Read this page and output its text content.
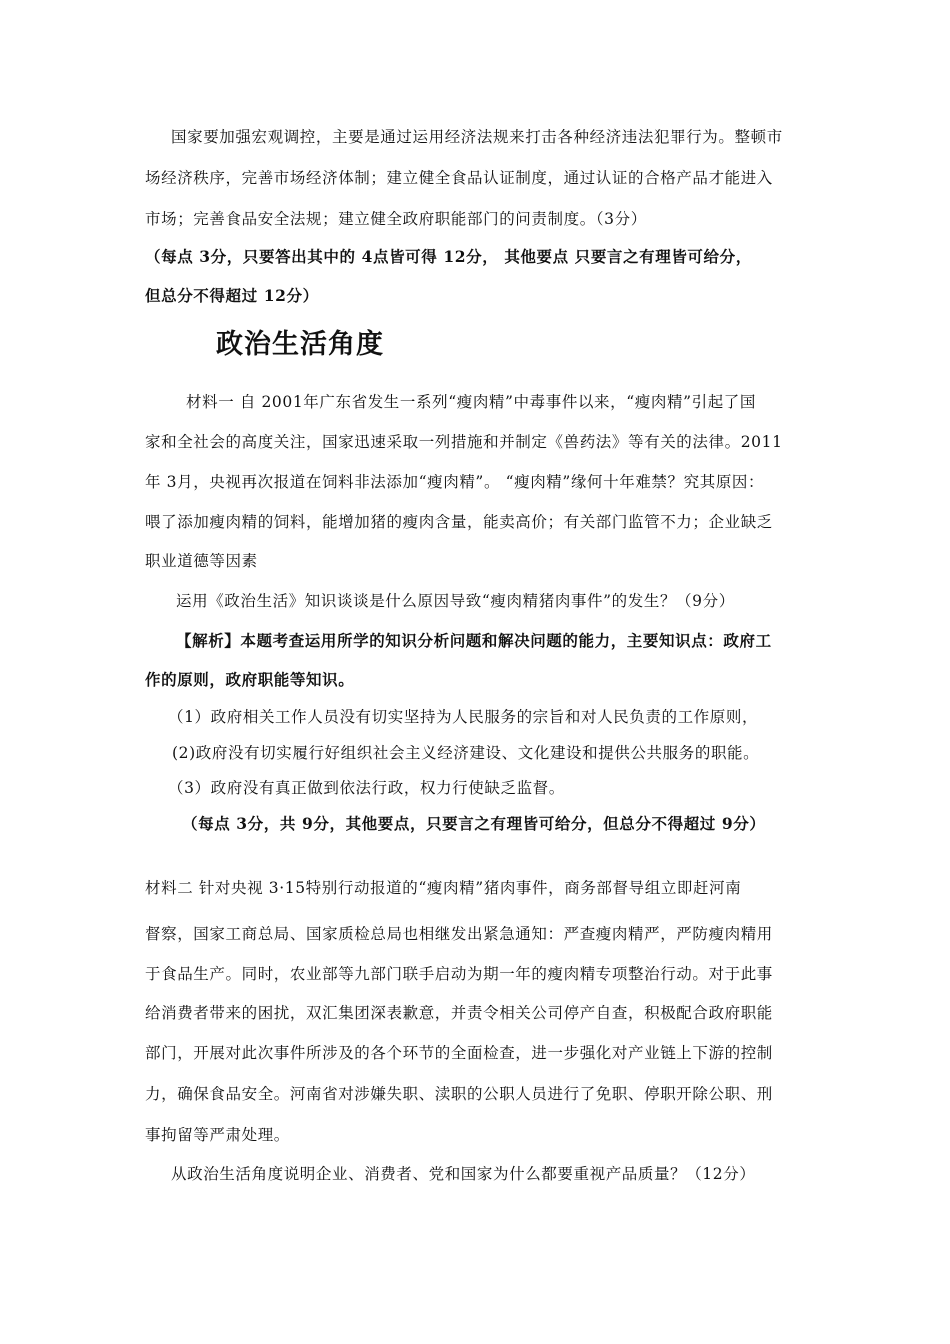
国家要加强宏观调控，主要是通过运用经济法规来打击各种经济违法犯罪行为。整顿市
场经济秩序，完善市场经济体制；建立健全食品认证制度，通过认证的合格产品才能进入
市场；完善食品安全法规；建立健全政府职能部门的问责制度。（3分）
（每点 3分，只要答出其中的 4点皆可得 12分， 其他要点 只要言之有理皆可给分，
但总分不得超过 12分）
政治生活角度
材料一 自 2001年广东省发生一系列“瘦肉精”中毒事件以来，“瘦肉精”引起了国
家和全社会的高度关注，国家迅速采取一列措施和并制定《兽药法》等有关的法律。2011
年 3月，央视再次报道在饲料非法添加“瘦肉精”。 “瘦肉精”缘何十年难禁？究其原因：
喂了添加瘦肉精的饲料，能增加猪的瘦肉含量，能卖高价；有关部门监管不力；企业缺乏
职业道德等因素
运用《政治生活》知识谈谈是什么原因导致“瘦肉精猪肉事件”的发生？（9分）
【解析】本题考查运用所学的知识分析问题和解决问题的能力，主要知识点：政府工
作的原则，政府职能等知识。
（1）政府相关工作人员没有切实坚持为人民服务的宗旨和对人民负责的工作原则，
(2)政府没有切实履行好组织社会主义经济建设、文化建设和提供公共服务的职能。
（3）政府没有真正做到依法行政，权力行使缺乏监督。
（每点 3分，共 9分，其他要点，只要言之有理皆可给分，但总分不得超过 9分）
材料二 针对央视 3·15特别行动报道的“瘦肉精”猪肉事件，商务部督导组立即赶河南
督察，国家工商总局、国家质检总局也相继发出紧急通知：严查瘦肉精严，严防瘦肉精用
于食品生产。同时，农业部等九部门联手启动为期一年的瘦肉精专项整治行动。对于此事
给消费者带来的困扰，双汇集团深表歉意，并责令相关公司停产自查，积极配合政府职能
部门，开展对此次事件所涉及的各个环节的全面检查，进一步强化对产业链上下游的控制
力，确保食品安全。河南省对涉嫌失职、渎职的公职人员进行了免职、停职开除公职、刑
事拘留等严肃处理。
从政治生活角度说明企业、消费者、党和国家为什么都要重视产品质量？（12分）
